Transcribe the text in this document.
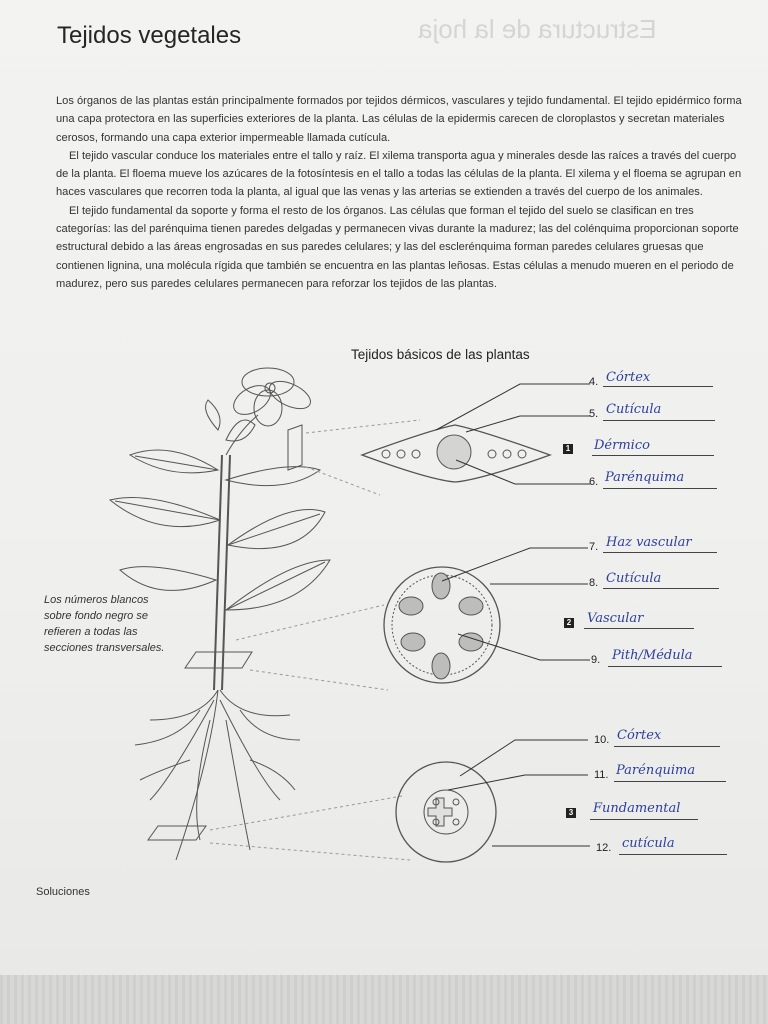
Estructura de la hoja
Tejidos vegetales

Los órganos de las plantas están principalmente formados por tejidos dérmicos, vasculares y tejido fundamental. El tejido epidérmico forma una capa protectora en las superficies exteriores de la planta. Las células de la epidermis carecen de cloroplastos y secretan materiales cerosos, formando una capa exterior impermeable llamada cutícula.

El tejido vascular conduce los materiales entre el tallo y raíz. El xilema transporta agua y minerales desde las raíces a través del cuerpo de la planta. El floema mueve los azúcares de la fotosíntesis en el tallo a todas las células de la planta. El xilema y el floema se agrupan en haces vasculares que recorren toda la planta, al igual que las venas y las arterias se extienden a través del cuerpo de los animales.

El tejido fundamental da soporte y forma el resto de los órganos. Las células que forman el tejido del suelo se clasifican en tres categorías: las del parénquima tienen paredes delgadas y permanecen vivas durante la madurez; las del colénquima proporcionan soporte estructural debido a las áreas engrosadas en sus paredes celulares; y las del esclerénquima forman paredes celulares gruesas que contienen lignina, una molécula rígida que también se encuentra en las plantas leñosas. Estas células a menudo mueren en el periodo de madurez, pero sus paredes celulares permanecen para reforzar los tejidos de las plantas.

Tejidos básicos de las plantas
Los números blancos sobre fondo negro se refieren a todas las secciones transversales.
4. Córtex
5. Cutícula
1 Dérmico
6. Parénquima
7. Haz vascular
8. Cutícula
2 Vascular
9. Pith/Médula
10. Córtex
11. Parénquima
3 Fundamental
12. cutícula
Soluciones
